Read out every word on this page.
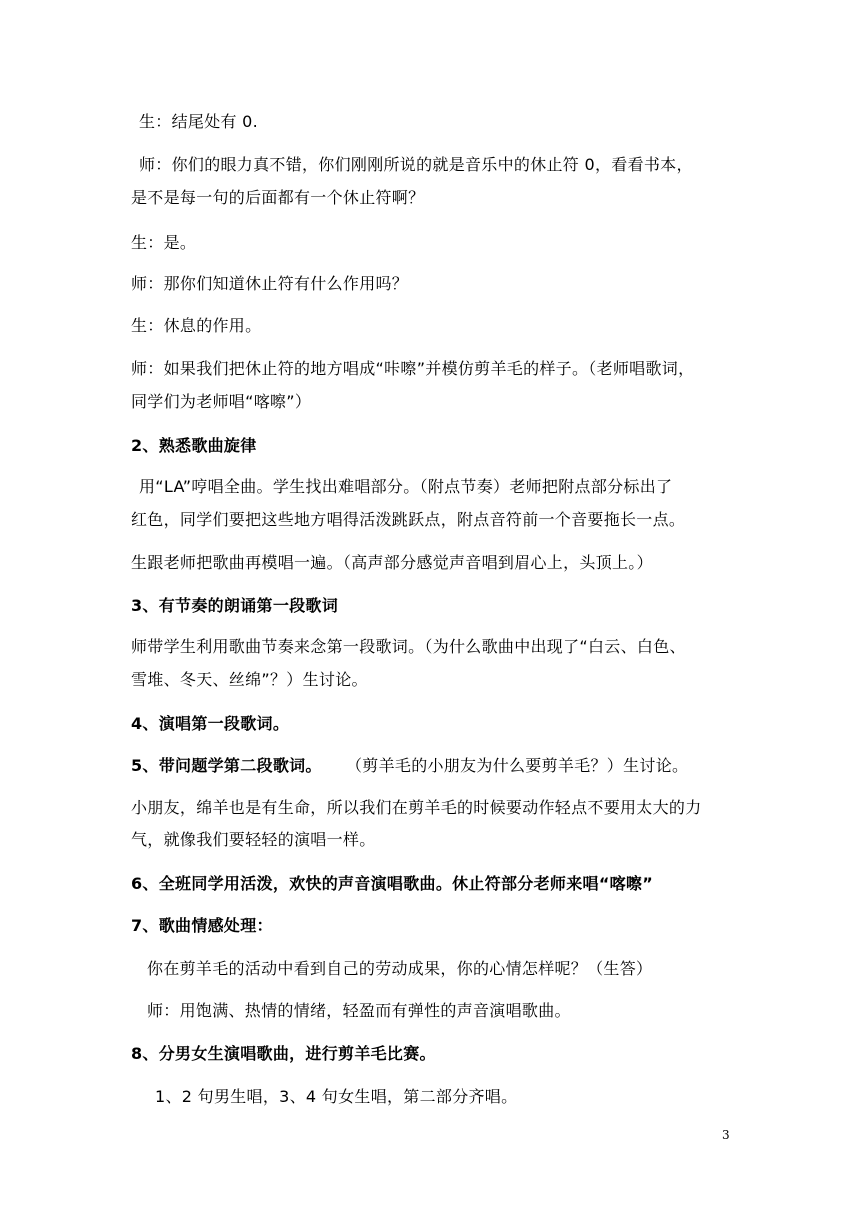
生：结尾处有 0.
师：你们的眼力真不错，你们刚刚所说的就是音乐中的休止符 0，看看书本，
是不是每一句的后面都有一个休止符啊？
生：是。
师：那你们知道休止符有什么作用吗？
生：休息的作用。
师：如果我们把休止符的地方唱成“咔嚓”并模仿剪羊毛的样子。（老师唱歌词，
同学们为老师唱“喀嚓”）
2、熟悉歌曲旋律
用“LA”哼唱全曲。学生找出难唱部分。（附点节奏）老师把附点部分标出了
红色，同学们要把这些地方唱得活泼跳跃点，附点音符前一个音要拖长一点。
生跟老师把歌曲再模唱一遍。（高声部分感觉声音唱到眉心上，头顶上。）
3、有节奏的朗诵第一段歌词
师带学生利用歌曲节奏来念第一段歌词。（为什么歌曲中出现了“白云、白色、
雪堆、冬天、丝绵”？）生讨论。
4、演唱第一段歌词。
5、带问题学第二段歌词。 （剪羊毛的小朋友为什么要剪羊毛？）生讨论。
小朋友，绵羊也是有生命，所以我们在剪羊毛的时候要动作轻点不要用太大的力
气，就像我们要轻轻的演唱一样。
6、全班同学用活泼，欢快的声音演唱歌曲。休止符部分老师来唱“喀嚓”
7、歌曲情感处理：
你在剪羊毛的活动中看到自己的劳动成果，你的心情怎样呢？（生答）
师：用饱满、热情的情绪，轻盈而有弹性的声音演唱歌曲。
8、分男女生演唱歌曲，进行剪羊毛比赛。
1、2 句男生唱，3、4 句女生唱，第二部分齐唱。
3
